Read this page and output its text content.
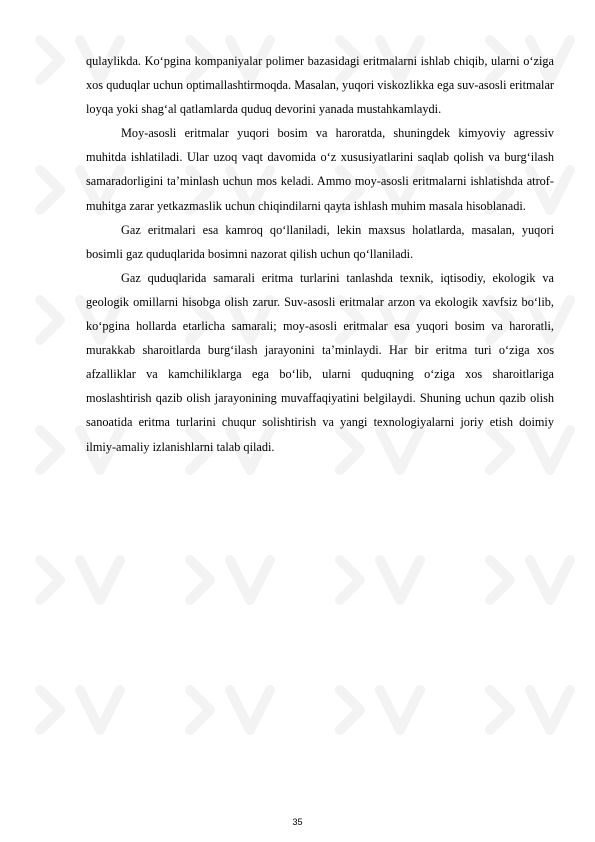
qulaylikda. Ko‘pgina kompaniyalar polimer bazasidagi eritmalarni ishlab chiqib, ularni o‘ziga xos quduqlar uchun optimallashtirmoqda. Masalan, yuqori viskozlikka ega suv-asosli eritmalar loyqa yoki shag‘al qatlamlarda quduq devorini yanada mustahkamlaydi.

Moy-asosli eritmalar yuqori bosim va haroratda, shuningdek kimyoviy agressiv muhitda ishlatiladi. Ular uzoq vaqt davomida o‘z xususiyatlarini saqlab qolish va burg‘ilash samaradorligini ta’minlash uchun mos keladi. Ammo moy-asosli eritmalarni ishlatishda atrof-muhitga zarar yetkazmaslik uchun chiqindilarni qayta ishlash muhim masala hisoblanadi.

Gaz eritmalari esa kamroq qo‘llaniladi, lekin maxsus holatlarda, masalan, yuqori bosimli gaz quduqlarida bosimni nazorat qilish uchun qo‘llaniladi.

Gaz quduqlarida samarali eritma turlarini tanlashda texnik, iqtisodiy, ekologik va geologik omillarni hisobga olish zarur. Suv-asosli eritmalar arzon va ekologik xavfsiz bo‘lib, ko‘pgina hollarda etarlicha samarali; moy-asosli eritmalar esa yuqori bosim va haroratli, murakkab sharoitlarda burg‘ilash jarayonini ta’minlaydi. Har bir eritma turi o‘ziga xos afzalliklar va kamchiliklarga ega bo‘lib, ularni quduqning o‘ziga xos sharoitlariga moslashtirish qazib olish jarayonining muvaffaqiyatini belgilaydi. Shuning uchun qazib olish sanoatida eritma turlarini chuqur solishtirish va yangi texnologiyalarni joriy etish doimiy ilmiy-amaliy izlanishlarni talab qiladi.

35
